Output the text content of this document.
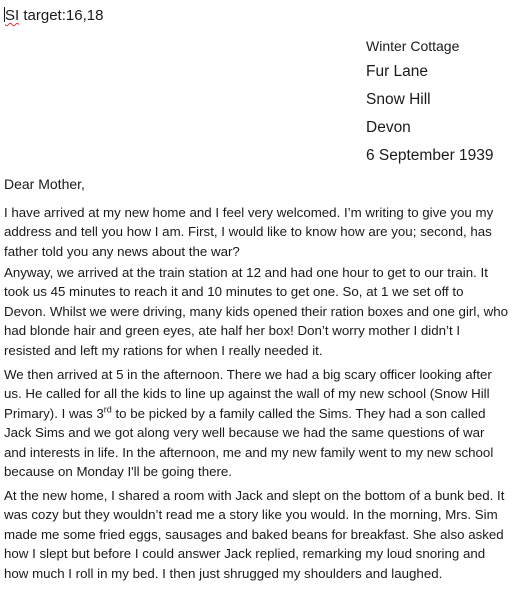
SI target:16,18
Winter Cottage
Fur Lane
Snow Hill
Devon
6 September 1939
Dear Mother,

I have arrived at my new home and I feel very welcomed. I’m writing to give you my address and tell you how I am. First, I would like to know how are you; second, has father told you any news about the war?

Anyway, we arrived at the train station at 12 and had one hour to get to our train. It took us 45 minutes to reach it and 10 minutes to get one. So, at 1 we set off to Devon. Whilst we were driving, many kids opened their ration boxes and one girl, who had blonde hair and green eyes, ate half her box! Don’t worry mother I didn’t I resisted and left my rations for when I really needed it.

We then arrived at 5 in the afternoon. There we had a big scary officer looking after us. He called for all the kids to line up against the wall of my new school (Snow Hill Primary). I was 3rd to be picked by a family called the Sims. They had a son called Jack Sims and we got along very well because we had the same questions of war and interests in life. In the afternoon, me and my new family went to my new school because on Monday I'll be going there.

At the new home, I shared a room with Jack and slept on the bottom of a bunk bed. It was cozy but they wouldn’t read me a story like you would. In the morning, Mrs. Sim made me some fried eggs, sausages and baked beans for breakfast. She also asked how I slept but before I could answer Jack replied, remarking my loud snoring and how much I roll in my bed. I then just shrugged my shoulders and laughed.
